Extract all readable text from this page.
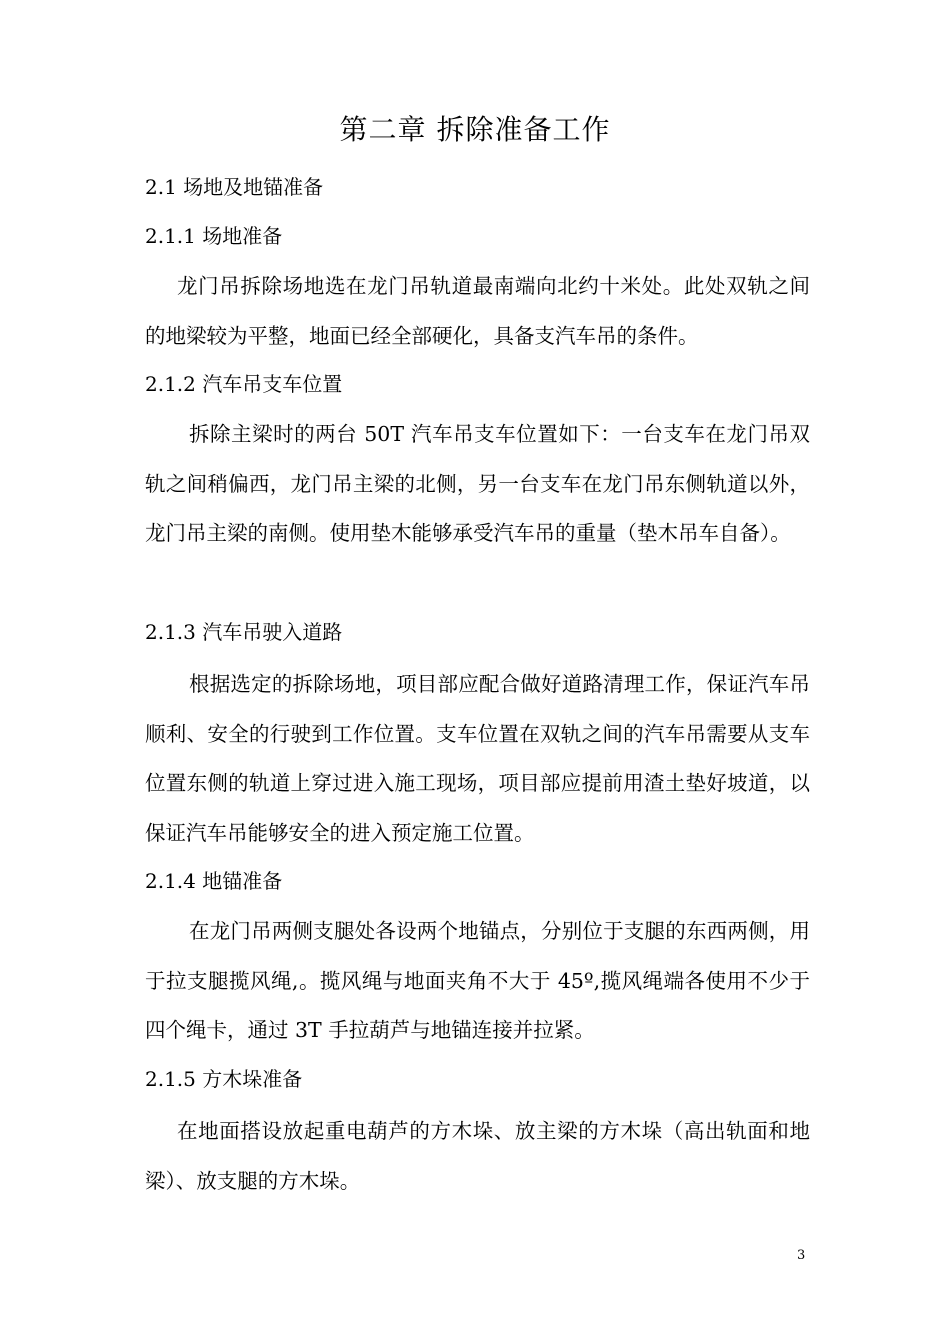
第二章 拆除准备工作
2.1 场地及地锚准备
2.1.1 场地准备
龙门吊拆除场地选在龙门吊轨道最南端向北约十米处。此处双轨之间的地梁较为平整，地面已经全部硬化，具备支汽车吊的条件。
2.1.2 汽车吊支车位置
拆除主梁时的两台 50T 汽车吊支车位置如下：一台支车在龙门吊双轨之间稍偏西，龙门吊主梁的北侧，另一台支车在龙门吊东侧轨道以外，龙门吊主梁的南侧。使用垫木能够承受汽车吊的重量（垫木吊车自备）。
2.1.3 汽车吊驶入道路
根据选定的拆除场地，项目部应配合做好道路清理工作，保证汽车吊顺利、安全的行驶到工作位置。支车位置在双轨之间的汽车吊需要从支车位置东侧的轨道上穿过进入施工现场，项目部应提前用渣土垫好坡道，以保证汽车吊能够安全的进入预定施工位置。
2.1.4 地锚准备
在龙门吊两侧支腿处各设两个地锚点，分别位于支腿的东西两侧，用于拉支腿揽风绳,。揽风绳与地面夹角不大于 45º,揽风绳端各使用不少于四个绳卡，通过 3T 手拉葫芦与地锚连接并拉紧。
2.1.5 方木垛准备
在地面搭设放起重电葫芦的方木垛、放主梁的方木垛（高出轨面和地梁）、放支腿的方木垛。
3
